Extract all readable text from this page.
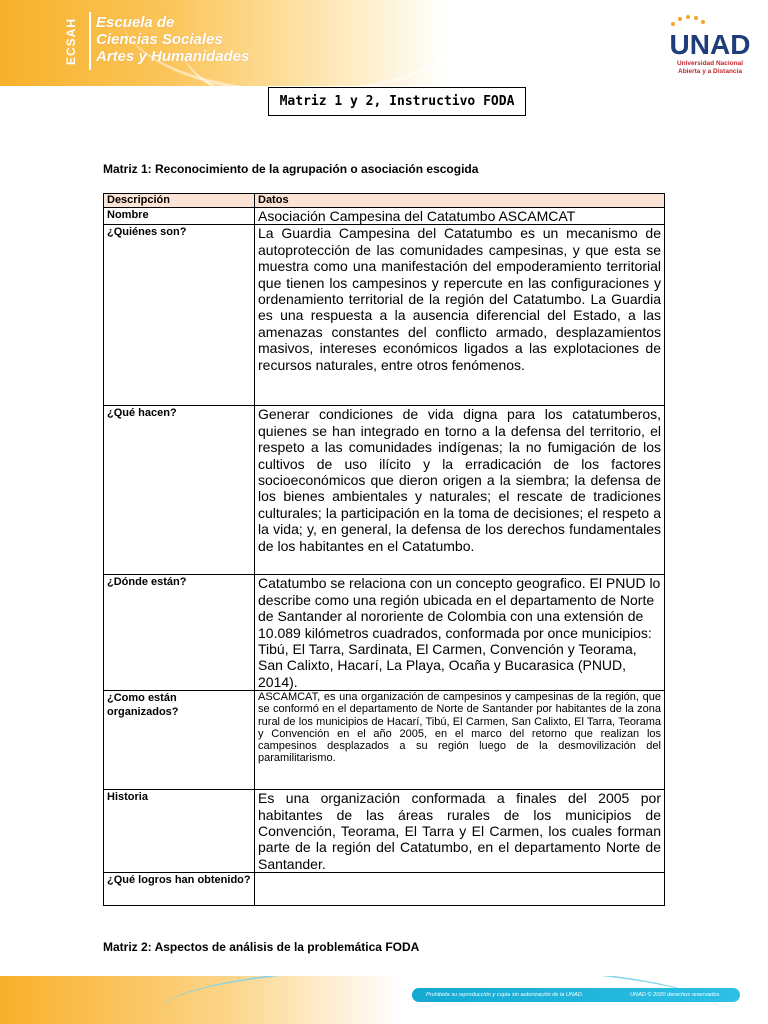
ECSAH	Escuela de
Ciencias Sociales
Artes y Humanidades	UNAD
Universidad Nacional
Abierta y a Distancia
Matriz 1 y 2, Instructivo FODA
Matriz 1: Reconocimiento de la agrupación o asociación escogida
Descripción	Datos
Nombre	Asociación Campesina del Catatumbo ASCAMCAT
¿Quiénes son?	La Guardia Campesina del Catatumbo es un mecanismo de autoprotección de las comunidades campesinas, y que esta se muestra como una manifestación del empoderamiento territorial que tienen los campesinos y repercute en las configuraciones y ordenamiento territorial de la región del Catatumbo. La Guardia es una respuesta a la ausencia diferencial del Estado, a las amenazas constantes del conflicto armado, desplazamientos masivos, intereses económicos ligados a las explotaciones de recursos naturales, entre otros fenómenos.
¿Qué hacen?	Generar condiciones de vida digna para los catatumberos, quienes se han integrado en torno a la defensa del territorio, el respeto a las comunidades indígenas; la no fumigación de los cultivos de uso ilícito y la erradicación de los factores socioeconómicos que dieron origen a la siembra; la defensa de los bienes ambientales y naturales; el rescate de tradiciones culturales; la participación en la toma de decisiones; el respeto a la vida; y, en general, la defensa de los derechos fundamentales de los habitantes en el Catatumbo.
¿Dónde están?	Catatumbo se relaciona con un concepto geografico. El PNUD lo describe como una región ubicada en el departamento de Norte de Santander al nororiente de Colombia con una extensión de 10.089 kilómetros cuadrados, conformada por once municipios: Tibú, El Tarra, Sardinata, El Carmen, Convención y Teorama, San Calixto, Hacarí, La Playa, Ocaña y Bucarasica (PNUD, 2014).
¿Como están organizados?	ASCAMCAT, es una organización de campesinos y campesinas de la región, que se conformó en el departamento de Norte de Santander por habitantes de la zona rural de los municipios de Hacarí, Tibú, El Carmen, San Calixto, El Tarra, Teorama y Convención en el año 2005, en el marco del retorno que realizan los campesinos desplazados a su región luego de la desmovilización del paramilitarismo.
Historia	Es una organización conformada a finales del 2005 por habitantes de las áreas rurales de los municipios de Convención, Teorama, El Tarra y El Carmen, los cuales forman parte de la región del Catatumbo, en el departamento Norte de Santander.
¿Qué logros han obtenido?	
Matriz 2: Aspectos de análisis de la problemática FODA
Prohibida su reproducción y copia sin autorización de la UNAD.	UNAD © 2020 derechos reservados.
